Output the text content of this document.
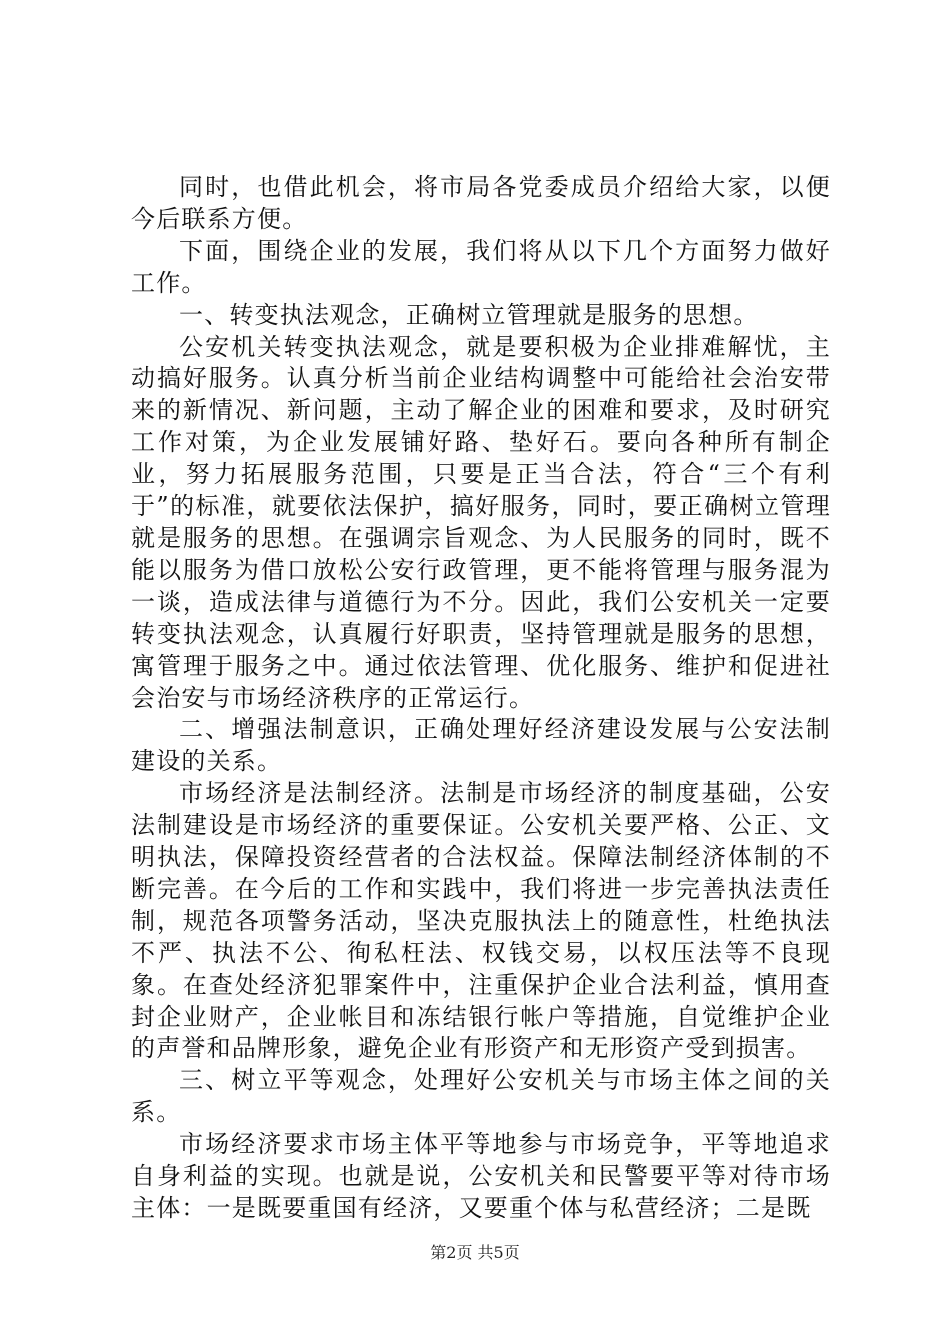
同时，也借此机会，将市局各党委成员介绍给大家，以便今后联系方便。

下面，围绕企业的发展，我们将从以下几个方面努力做好工作。

一、转变执法观念，正确树立管理就是服务的思想。

公安机关转变执法观念，就是要积极为企业排难解忧，主动搞好服务。认真分析当前企业结构调整中可能给社会治安带来的新情况、新问题，主动了解企业的困难和要求，及时研究工作对策，为企业发展铺好路、垫好石。要向各种所有制企业，努力拓展服务范围，只要是正当合法，符合“三个有利于”的标准，就要依法保护，搞好服务，同时，要正确树立管理就是服务的思想。在强调宗旨观念、为人民服务的同时，既不能以服务为借口放松公安行政管理，更不能将管理与服务混为一谈，造成法律与道德行为不分。因此，我们公安机关一定要转变执法观念，认真履行好职责，坚持管理就是服务的思想，寓管理于服务之中。通过依法管理、优化服务、维护和促进社会治安与市场经济秩序的正常运行。

二、增强法制意识，正确处理好经济建设发展与公安法制建设的关系。

市场经济是法制经济。法制是市场经济的制度基础，公安法制建设是市场经济的重要保证。公安机关要严格、公正、文明执法，保障投资经营者的合法权益。保障法制经济体制的不断完善。在今后的工作和实践中，我们将进一步完善执法责任制，规范各项警务活动，坚决克服执法上的随意性，杜绝执法不严、执法不公、徇私枉法、权钱交易，以权压法等不良现象。在查处经济犯罪案件中，注重保护企业合法利益，慎用查封企业财产，企业帐目和冻结银行帐户等措施，自觉维护企业的声誉和品牌形象，避免企业有形资产和无形资产受到损害。

三、树立平等观念，处理好公安机关与市场主体之间的关系。

市场经济要求市场主体平等地参与市场竞争，平等地追求自身利益的实现。也就是说，公安机关和民警要平等对待市场主体：一是既要重国有经济，又要重个体与私营经济；二是既

第2页 共5页
